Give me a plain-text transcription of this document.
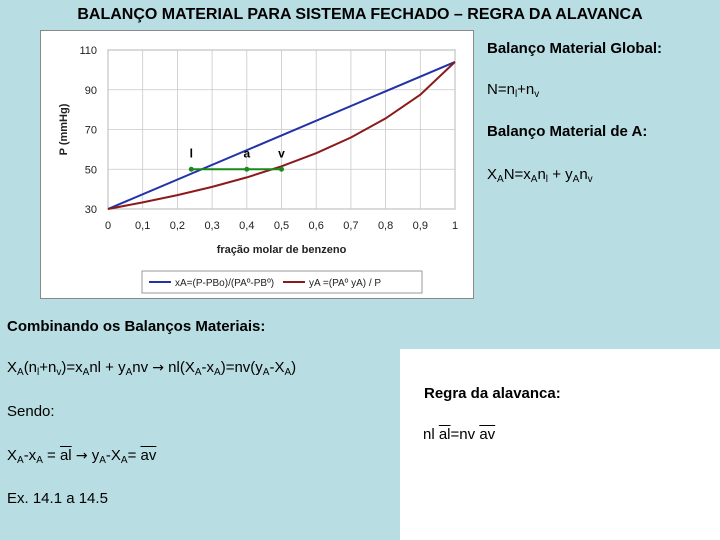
BALANÇO MATERIAL PARA SISTEMA FECHADO – REGRA DA ALAVANCA
30
50
70
90
110
0 0,1 0,2 0,3 0,4 0,5 0,6 0,7 0,8 0,9 1
P (mmHg)
fração molar de benzeno
l	a v
xA=(P-PBo)/(PAº-PBº)	yA =(PAº yA) / P
Balanço Material Global:
$N=n_l+n_v$
Balanço Material de A:
$X_AN=x_An_l + y_An_v$
Combinando os Balanços Materiais:
$X_A(n_l+n_v)=x_Anl + y_Anv \to nl(X_A-x_A)=nv(y_A-X_A)$
Sendo:
$X_A-x_A = \overline{al} \to y_A-X_A= \overline{av}$
Ex. 14.1 a 14.5
Regra da alavanca:
nl $\overline{al}=nv$ $\overline{av}$
